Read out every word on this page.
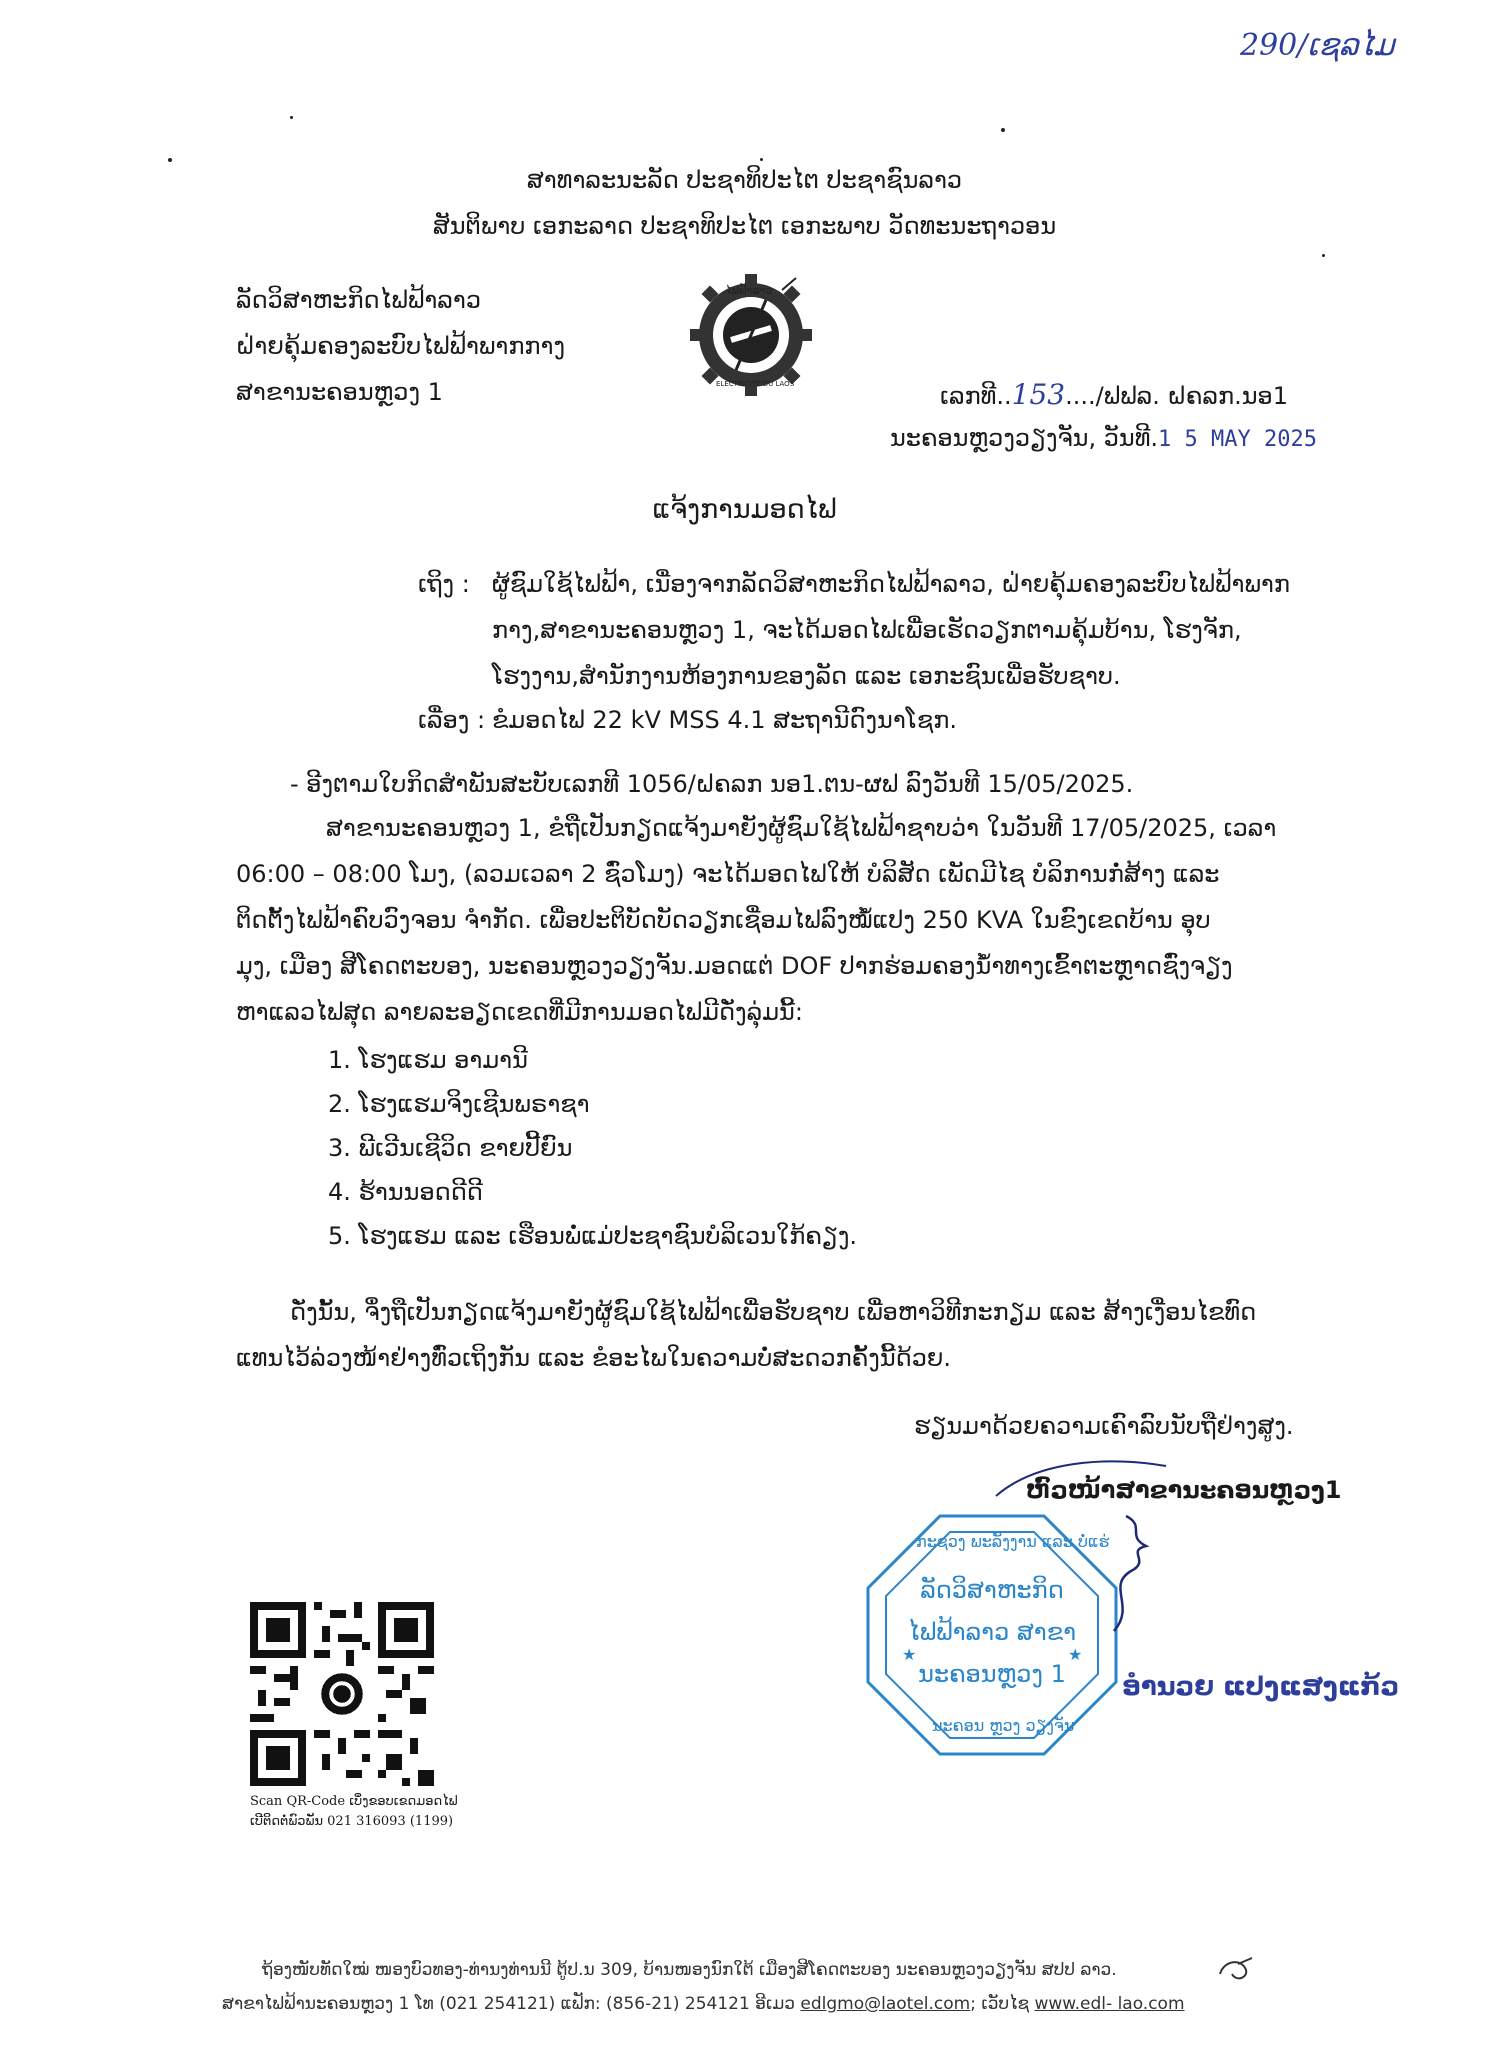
290/ເຊລໄມ
ສາທາລະນະລັດ ປະຊາທິປະໄຕ ປະຊາຊົນລາວ
ສັນຕິພາບ ເອກະລາດ ປະຊາທິປະໄຕ ເອກະພາບ ວັດທະນະຖາວອນ
ລັດວິສາຫະກິດໄຟຟ້າລາວ
ຝ່າຍຄຸ້ມຄອງລະບົບໄຟຟ້າພາກກາງ
ສາຂານະຄອນຫຼວງ 1
ໄຟຟ້າລາວ
ELECTRICITE DU LAOS	ເລກທີ..153..../ຟຟລ. ຝຄລກ.ນອ1
ນະຄອນຫຼວງວຽງຈັນ, ວັນທີ.1 5 MAY 2025
ແຈ້ງການມອດໄຟ
ເຖິງ : ຜູ້ຊົມໃຊ້ໄຟຟ້າ, ເນື່ອງຈາກລັດວິສາຫະກິດໄຟຟ້າລາວ, ຝ່າຍຄຸ້ມຄອງລະບົບໄຟຟ້າພາກ
ກາງ,ສາຂານະຄອນຫຼວງ 1, ຈະໄດ້ມອດໄຟເພື່ອເຮັດວຽກຕາມຄຸ້ມບ້ານ, ໂຮງຈັກ,
ໂຮງງານ,ສຳນັກງານຫ້ອງການຂອງລັດ ແລະ ເອກະຊົນເພື່ອຮັບຊາບ.
ເລື່ອງ : ຂໍມອດໄຟ 22 kV MSS 4.1 ສະຖານີດົງນາໂຊກ.
- ອີງຕາມໃບກິດສຳພັນສະບັບເລກທີ 1056/ຝຄລກ ນອ1.ຕນ-ຜຟ ລົງວັນທີ 15/05/2025.
ສາຂານະຄອນຫຼວງ 1, ຂໍຖືເປັນກຽດແຈ້ງມາຍັງຜູ້ຊົມໃຊ້ໄຟຟ້າຊາບວ່າ ໃນວັນທີ 17/05/2025, ເວລາ
06:00 – 08:00 ໂມງ, (ລວມເວລາ 2 ຊົ່ວໂມງ) ຈະໄດ້ມອດໄຟໃຫ້ ບໍລິສັດ ເພັດມີໄຊ ບໍລິການກໍ່ສ້າງ ແລະ
ຕິດຕັ້ງໄຟຟ້າຄົບວົງຈອນ ຈຳກັດ. ເພື່ອປະຕິບັດບັດວຽກເຊື່ອມໄຟລົງໝໍ້ແປງ 250 KVA ໃນຂົງເຂດບ້ານ ອຸບ
ມຸງ, ເມືອງ ສີໂຄດຕະບອງ, ນະຄອນຫຼວງວຽງຈັນ.ມອດແຕ່ DOF ປາກຮ່ອມຄອງນ້ຳທາງເຂົ້າຕະຫຼາດຊົ່ງຈຽງ
ຫາແລວໄຟສຸດ ລາຍລະອຽດເຂດທີ່ມີການມອດໄຟມີດັ່ງລຸ່ມນີ້:
1. ໂຮງແຮມ ອາມານີ
2. ໂຮງແຮມຈິງເຊີນພຣາຊາ
3. ພີເວີນເຊີວິດ ຂາຍປີ້ຍົນ
4. ຮ້ານນອດດີດີ
5. ໂຮງແຮມ ແລະ ເຮືອນພໍ່ແມ່ປະຊາຊົນບໍລິເວນໃກ້ຄຽງ.
ດັ່ງນັ້ນ, ຈຶ່ງຖືເປັນກຽດແຈ້ງມາຍັງຜູ້ຊົມໃຊ້ໄຟຟ້າເພື່ອຮັບຊາບ ເພື່ອຫາວິທີກະກຽມ ແລະ ສ້າງເງື່ອນໄຂທົດ
ແທນໄວ້ລ່ວງໜ້າຢ່າງທົ່ວເຖິງກັນ ແລະ ຂໍອະໄພໃນຄວາມບໍ່ສະດວກຄັ້ງນີ້ດ້ວຍ.
ຮຽນມາດ້ວຍຄວາມເຄົາລົບນັບຖືຢ່າງສູງ.
ຫົວໜ້າສາຂານະຄອນຫຼວງ1
★	★
ກະຊວງ ພະລັງງານ ແລະ ບໍ່ແຮ່
ນະຄອນ ຫຼວງ ວຽງຈັນ
ລັດວິສາຫະກິດ
ໄຟຟ້າລາວ ສາຂາ
ນະຄອນຫຼວງ 1	ອຳນວຍ ແປງແສງແກ້ວ
Scan QR-Code ເບິ່ງຂອບເຂດມອດໄຟ
ເບີຕິດຕໍ່ພົວພັນ 021 316093 (1199)
ຖ້ອງໜັບທັດໃໝ່ ໜອງບົວທອງ-ທ່ານງທ່ານນີ ຕູ້ປ.ນ 309, ບ້ານໜອງນົກໃຕ້ ເມືອງສີໂຄດຕະບອງ ນະຄອນຫຼວງວຽງຈັນ ສປປ ລາວ.
ສາຂາໄຟຟ້ານະຄອນຫຼວງ 1 ໂທ (021 254121) ແຟັກ: (856-21) 254121 ອີເມວ edlgmo@laotel.com; ເວັບໄຊ www.edl- lao.com
